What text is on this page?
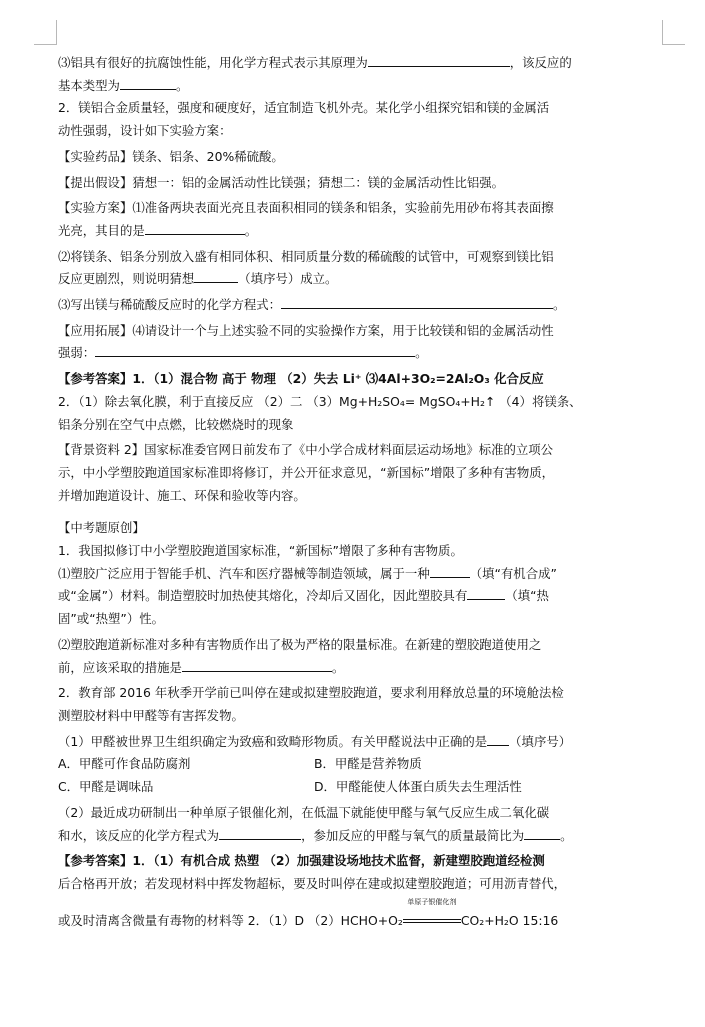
⑶铝具有很好的抗腐蚀性能，用化学方程式表示其原理为	，该反应的

基本类型为	。

2．镁铝合金质量轻，强度和硬度好，适宜制造飞机外壳。某化学小组探究铝和镁的金属活

动性强弱，设计如下实验方案：

【实验药品】镁条、铝条、20%稀硫酸。

【提出假设】猜想一：铝的金属活动性比镁强；猜想二：镁的金属活动性比铝强。

【实验方案】⑴准备两块表面光亮且表面积相同的镁条和铝条，实验前先用砂布将其表面擦

光亮，其目的是	。

⑵将镁条、铝条分别放入盛有相同体积、相同质量分数的稀硫酸的试管中，可观察到镁比铝

反应更剧烈，则说明猜想	（填序号）成立。

⑶写出镁与稀硫酸反应时的化学方程式：	。

【应用拓展】⑷请设计一个与上述实验不同的实验操作方案，用于比较镁和铝的金属活动性

强弱：	。

【参考答案】1．（1）混合物 高于 物理 （2）失去 Li⁺ ⑶4Al+3O₂=2Al₂O₃ 化合反应

2．（1）除去氧化膜，利于直接反应 （2）二 （3）Mg+H₂SO₄= MgSO₄+H₂↑ （4）将镁条、

铝条分别在空气中点燃，比较燃烧时的现象

【背景资料 2】国家标准委官网日前发布了《中小学合成材料面层运动场地》标准的立项公

示，中小学塑胶跑道国家标准即将修订，并公开征求意见，“新国标”增限了多种有害物质，

并增加跑道设计、施工、环保和验收等内容。

【中考题原创】

1．我国拟修订中小学塑胶跑道国家标准，“新国标”增限了多种有害物质。

⑴塑胶广泛应用于智能手机、汽车和医疗器械等制造领域，属于一种	（填“有机合成”

或“金属”）材料。制造塑胶时加热使其熔化，冷却后又固化，因此塑胶具有	（填“热

固”或“热塑”）性。

⑵塑胶跑道新标准对多种有害物质作出了极为严格的限量标准。在新建的塑胶跑道使用之

前，应该采取的措施是	。

2．教育部 2016 年秋季开学前已叫停在建或拟建塑胶跑道，要求利用释放总量的环境舱法检

测塑胶材料中甲醛等有害挥发物。

（1）甲醛被世界卫生组织确定为致癌和致畸形物质。有关甲醛说法中正确的是 （填序号）

A．甲醛可作食品防腐剂	B．甲醛是营养物质

C．甲醛是调味品	D．甲醛能使人体蛋白质失去生理活性

（2）最近成功研制出一种单原子银催化剂，在低温下就能使甲醛与氧气反应生成二氧化碳

和水，该反应的化学方程式为	，参加反应的甲醛与氧气的质量最简比为	。

【参考答案】1．（1）有机合成 热塑 （2）加强建设场地技术监督，新建塑胶跑道经检测

后合格再开放；若发现材料中挥发物超标，要及时叫停在建或拟建塑胶跑道；可用沥青替代，

或及时清离含微量有毒物的材料等 2．（1）D （2）HCHO+O₂
单原子银催化剂
CO₂+H₂O 15:16
